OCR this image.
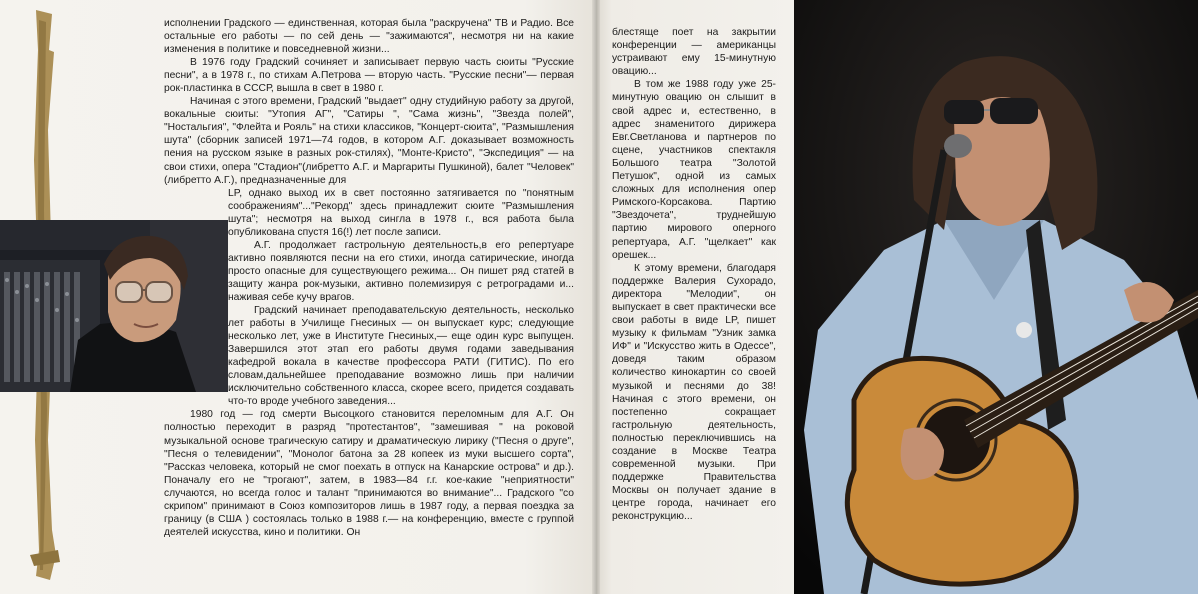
исполнении Градского — единственная, которая была "раскручена" ТВ и Радио. Все остальные его работы — по сей день — "зажимаются", несмотря ни на какие изменения в политике и повседневной жизни...

В 1976 году Градский сочиняет и записывает первую часть сюиты "Русские песни", а в 1978 г., по стихам А.Петрова — вторую часть. "Русские песни"— первая рок-пластинка в СССР, вышла в свет в 1980 г.

Начиная с этого времени, Градский "выдает" одну студийную работу за другой, вокальные сюиты: "Утопия АГ", "Сатиры ", "Сама жизнь", "Звезда полей", "Ностальгия", "Флейта и Рояль" на стихи классиков, "Концерт-сюита", "Размышления шута" (сборник записей 1971—74 годов, в котором А.Г. доказывает возможность пения на русском языке в разных рок-стилях), "Монте-Кристо", "Экспедиция" — на свои стихи, опера "Стадион"(либретто А.Г. и Маргариты Пушкиной), балет "Человек" (либретто А.Г.), предназначенные для

LP, однако выход их в свет постоянно затягивается по "понятным соображениям"..."Рекорд" здесь принадлежит сюите "Размышления шута"; несмотря на выход сингла в 1978 г., вся работа была опубликована спустя 16(!) лет после записи.

А.Г. продолжает гастрольную деятельность,в его репертуаре активно появляются песни на его стихи, иногда сатирические, иногда просто опасные для существующего режима... Он пишет ряд статей в защиту жанра рок-музыки, активно полемизируя с ретроградами и... наживая себе кучу врагов.

Градский начинает преподавательскую деятельность, несколько лет работы в Училище Гнесиных — он выпускает курс; следующие несколько лет, уже в Институте Гнесиных,— еще один курс выпущен. Завершился этот этап его работы двумя годами заведывания кафедрой вокала в качестве профессора РАТИ (ГИТИС). По его словам,дальнейшее преподавание возможно лишь при наличии исключительно собственного класса, скорее всего, придется создавать что-то вроде учебного заведения...

1980 год — год смерти Высоцкого становится переломным для А.Г. Он полностью переходит в разряд "протестантов", "замешивая " на роковой музыкальной основе трагическую сатиру и драматическую лирику ("Песня о друге", "Песня о телевидении", "Монолог батона за 28 копеек из муки высшего сорта", "Рассказ человека, который не смог поехать в отпуск на Канарские острова" и др.). Поначалу его не "трогают", затем, в 1983—84 г.г. кое-какие "неприятности" случаются, но всегда голос и талант "принимаются во внимание"... Градского "со скрипом" принимают в Союз композиторов лишь в 1987 году, а первая поездка за границу (в США ) состоялась только в 1988 г.— на конференцию, вместе с группой деятелей искусства, кино и политики. Он

блестяще поет на закрытии конференции — американцы устраивают ему 15-минутную овацию...

В том же 1988 году уже 25-минутную овацию он слышит в свой адрес и, естественно, в адрес знаменитого дирижера Евг.Светланова и партнеров по сцене, участников спектакля Большого театра "Золотой Петушок", одной из самых сложных для исполнения опер Римского-Корсакова. Партию "Звездочета", труднейшую партию мирового оперного репертуара, А.Г. "щелкает" как орешек...

К этому времени, благодаря поддержке Валерия Сухорадо, директора "Мелодии", он выпускает в свет практически все свои работы в виде LP, пишет музыку к фильмам "Узник замка ИФ" и "Искусство жить в Одессе", доведя таким образом количество кинокартин со своей музыкой и песнями до 38! Начиная с этого времени, он постепенно сокращает гастрольную деятельность, полностью переключившись на создание в Москве Театра современной музыки. При поддержке Правительства Москвы он получает здание в центре города, начинает его реконструкцию...
